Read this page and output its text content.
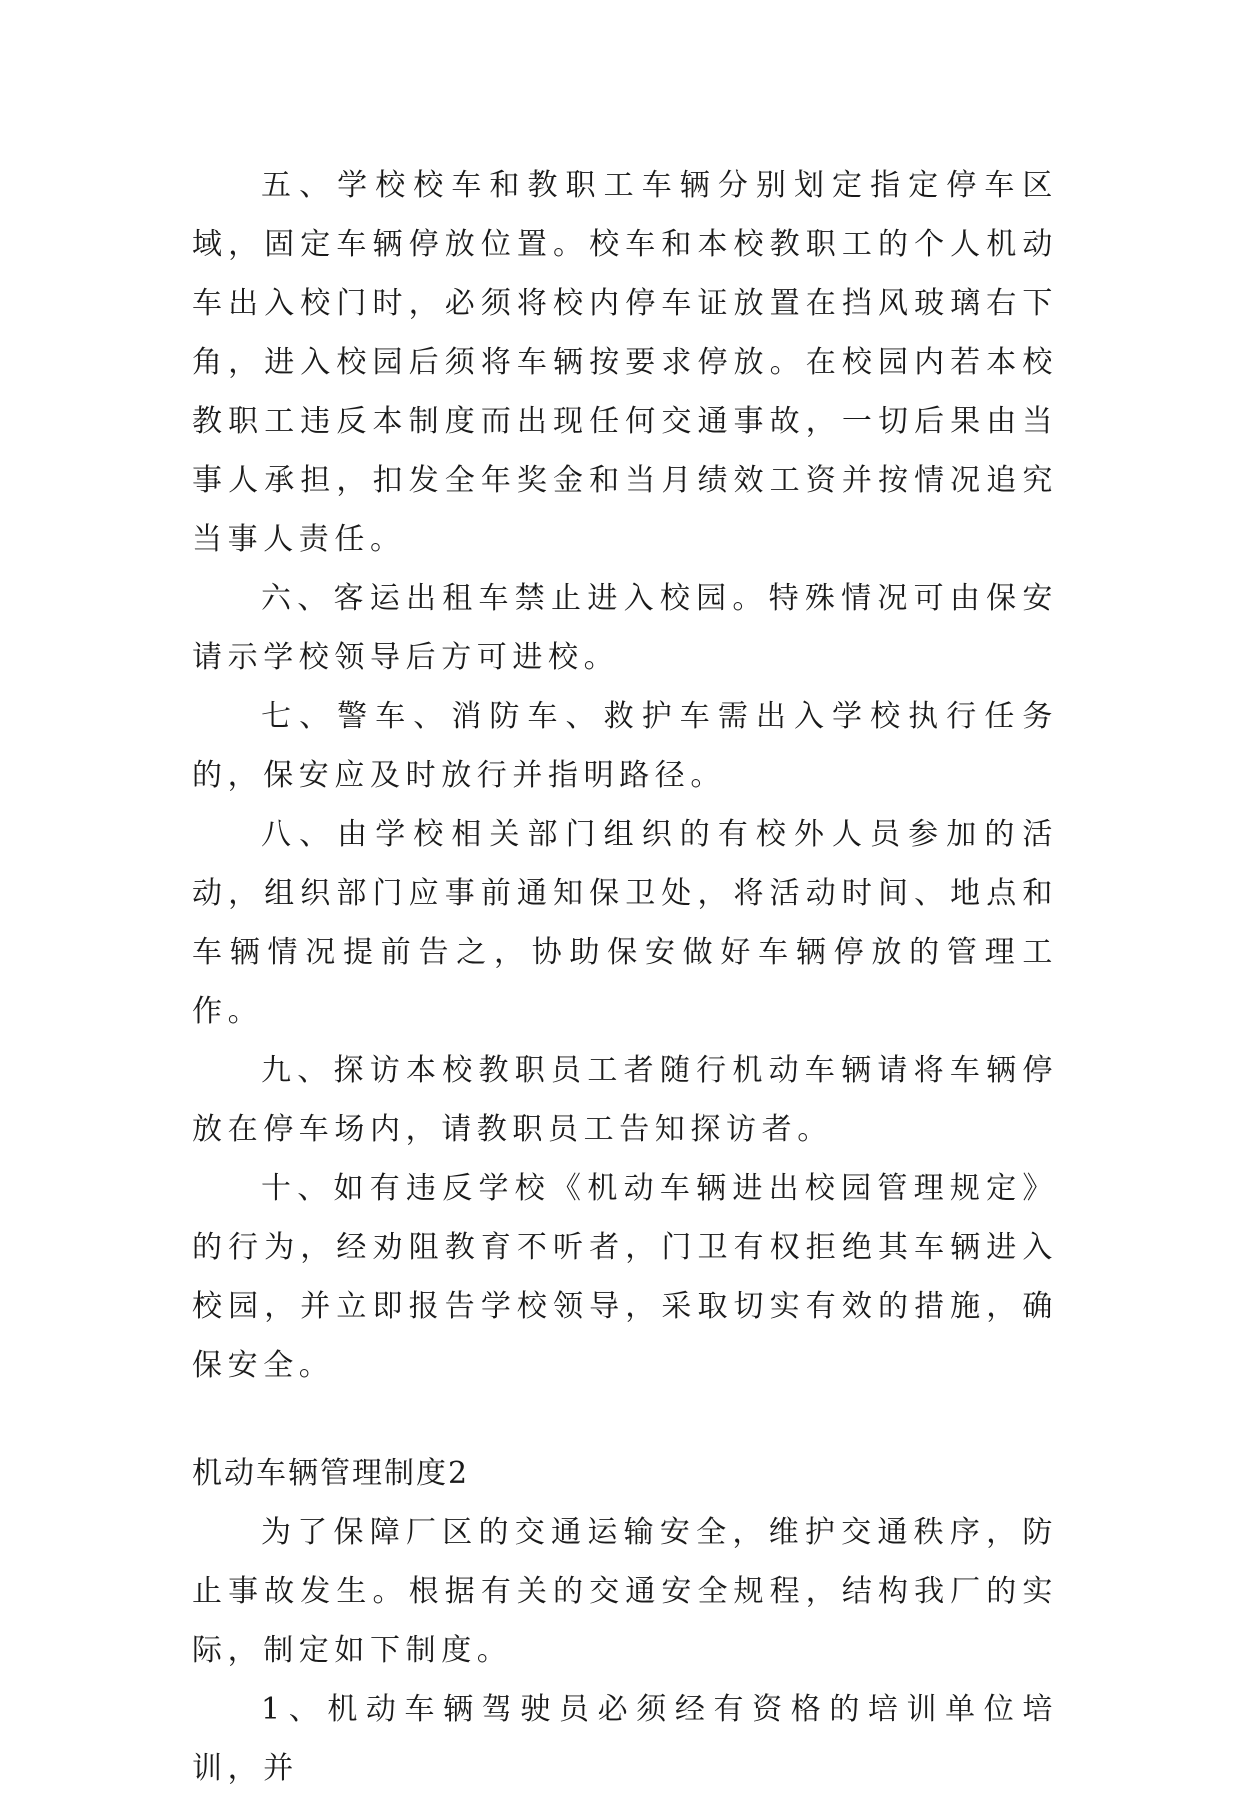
五、学校校车和教职工车辆分别划定指定停车区域，固定车辆停放位置。校车和本校教职工的个人机动车出入校门时，必须将校内停车证放置在挡风玻璃右下角，进入校园后须将车辆按要求停放。在校园内若本校教职工违反本制度而出现任何交通事故，一切后果由当事人承担，扣发全年奖金和当月绩效工资并按情况追究当事人责任。

六、客运出租车禁止进入校园。特殊情况可由保安请示学校领导后方可进校。

七、警车、消防车、救护车需出入学校执行任务的，保安应及时放行并指明路径。

八、由学校相关部门组织的有校外人员参加的活动，组织部门应事前通知保卫处，将活动时间、地点和车辆情况提前告之，协助保安做好车辆停放的管理工作。

九、探访本校教职员工者随行机动车辆请将车辆停放在停车场内，请教职员工告知探访者。

十、如有违反学校《机动车辆进出校园管理规定》的行为，经劝阻教育不听者，门卫有权拒绝其车辆进入校园，并立即报告学校领导，采取切实有效的措施，确保安全。

机动车辆管理制度2

为了保障厂区的交通运输安全，维护交通秩序，防止事故发生。根据有关的交通安全规程，结构我厂的实际，制定如下制度。

1、机动车辆驾驶员必须经有资格的培训单位培训，并
